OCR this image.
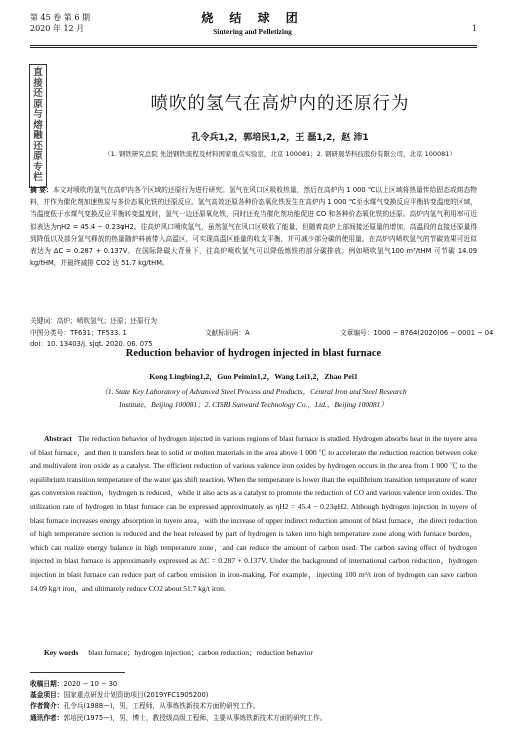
第 45 卷 第 6 期
2020 年 12 月
烧 结 球 团
Sintering and Pelletizing	1
直
接
还
原
与
熔
融
还
原
专
栏
喷吹的氢气在高炉内的还原行为
孔令兵1,2，郭培民1,2，王 磊1,2，赵 沛1
（1. 钢铁研究总院 先进钢铁流程及材料国家重点实验室，北京 100081；2. 钢研晟华科技股份有限公司，北京 100081）
摘 要：本文对喷吹的氢气在高炉内各个区域的还原行为进行研究。氢气在风口区吸收热量，然后在高炉内 1 000 ℃以上区域将热量传给固态或熔态物料，并作为催化剂加速焦炭与多价态氧化铁的还原反应。氢气高效还原各种价态氧化铁发生在高炉内 1 000 ℃至水煤气变换反应平衡转变温度的区域，当温度低于水煤气变换反应平衡转变温度时，氢气一边还原氧化铁，同时还充当催化剂功能促进 CO 和各种价态氧化铁的还原。高炉内氢气利用率可近似表达为ηH2 = 45.4 − 0.23φH2。往高炉风口喷吹氢气，虽然氢气在风口区吸收了能量，但随着高炉上部间接还原量的增加，高温段的直接还原量得到降低以及部分氢气释放的热量随炉料被带入高温区，可实现高温区能量的收支平衡，并可减少部分碳的使用量。在高炉内喷吹氢气的节碳效果可近似表达为 ΔC = 0.287 + 0.137V。在国际降碳大背景下，往高炉喷吹氢气可以降低炼铁的部分碳排放。例如喷吹氢气100 m³/tHM 可节碳 14.09 kg/tHM，并最终减排 CO2 达 51.7 kg/tHM。
关键词：高炉；喷吹氢气；还原；还原行为
中图分类号：TF631；TF533. 1	文献标识码：A	文章编号：1000 − 8764(2020)06 − 0001 − 04
doi：10. 13403/j. sjqt. 2020. 06. 075
Reduction behavior of hydrogen injected in blast furnace
Kong Lingbing1,2，Guo Peimin1,2，Wang Lei1,2，Zhao Pei1
（1. State Key Laboratory of Advanced Steel Process and Products，Central Iron and Steel Research
Institute，Beijing 100081；2. CISRI Sunward Technology Co.，Ltd.，Beijing 100081）
Abstract The reduction behavior of hydrogen injected in various regions of blast furnace is studied. Hydrogen absorbs heat in the tuyere area of blast furnace，and then it transfers heat to solid or molten materials in the area above 1 000 ℃ to accelerate the reduction reaction between coke and multivalent iron oxide as a catalyst. The efficient reduction of various valence iron oxides by hydrogen occurs in the area from 1 000 ℃ to the equilibrium transition temperature of the water gas shift reaction. When the temperature is lower than the equilibrium transition temperature of water gas conversion reaction，hydrogen is reduced，while it also acts as a catalyst to promote the reduction of CO and various valence iron oxides. The utilization rate of hydrogen in blast furnace can be expressed approximately as ηH2 = 45.4 − 0.23φH2. Although hydrogen injection in tuyere of blast furnace increases energy absorption in tuyere area，with the increase of upper indirect reduction amount of blast furnace，the direct reduction of high temperature section is reduced and the heat released by part of hydrogen is taken into high temperature zone along with furnace burden，which can realize energy balance in high temperature zone，and can reduce the amount of carbon used. The carbon saving effect of hydrogen injected in blast furnace is approximately expressed as ΔC = 0.287 + 0.137V. Under the background of international carbon reduction，hydrogen injection in blast furnace can reduce part of carbon emission in iron-making. For example，injecting 100 m³/t iron of hydrogen can save carbon 14.09 kg/t iron，and ultimately reduce CO2 about 51.7 kg/t iron.
Key words blast furnace；hydrogen injection；carbon reduction；reduction behavior
收稿日期：2020 − 10 − 30
基金项目：国家重点研发计划资助项目(2019YFC1905200)
作者简介：孔令兵(1988—)，男，工程师，从事炼铁新技术方面的研究工作。
通讯作者：郭培民(1975—)，男，博士，教授级高级工程师，主要从事炼铁新技术方面的研究工作。
